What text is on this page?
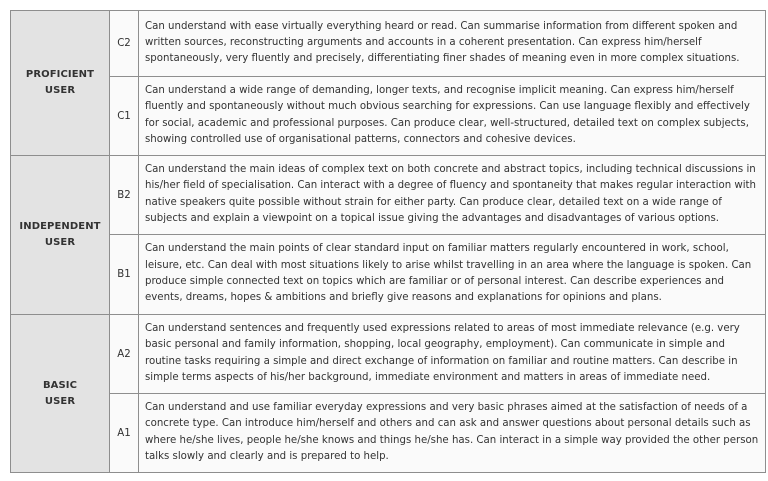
PROFICIENT
USER	C2	Can understand with ease virtually everything heard or read. Can summarise information from different spoken and written sources, reconstructing arguments and accounts in a coherent presentation. Can express him/herself spontaneously, very fluently and precisely, differentiating finer shades of meaning even in more complex situations.
	C1	Can understand a wide range of demanding, longer texts, and recognise implicit meaning. Can express him/herself fluently and spontaneously without much obvious searching for expressions. Can use language flexibly and effectively for social, academic and professional purposes. Can produce clear, well-structured, detailed text on complex subjects, showing controlled use of organisational patterns, connectors and cohesive devices.

INDEPENDENT
USER	B2	Can understand the main ideas of complex text on both concrete and abstract topics, including technical discussions in his/her field of specialisation. Can interact with a degree of fluency and spontaneity that makes regular interaction with native speakers quite possible without strain for either party. Can produce clear, detailed text on a wide range of subjects and explain a viewpoint on a topical issue giving the advantages and disadvantages of various options.
	B1	Can understand the main points of clear standard input on familiar matters regularly encountered in work, school, leisure, etc. Can deal with most situations likely to arise whilst travelling in an area where the language is spoken. Can produce simple connected text on topics which are familiar or of personal interest. Can describe experiences and events, dreams, hopes & ambitions and briefly give reasons and explanations for opinions and plans.

BASIC
USER	A2	Can understand sentences and frequently used expressions related to areas of most immediate relevance (e.g. very basic personal and family information, shopping, local geography, employment). Can communicate in simple and routine tasks requiring a simple and direct exchange of information on familiar and routine matters. Can describe in simple terms aspects of his/her background, immediate environment and matters in areas of immediate need.
	A1	Can understand and use familiar everyday expressions and very basic phrases aimed at the satisfaction of needs of a concrete type. Can introduce him/herself and others and can ask and answer questions about personal details such as where he/she lives, people he/she knows and things he/she has. Can interact in a simple way provided the other person talks slowly and clearly and is prepared to help.
